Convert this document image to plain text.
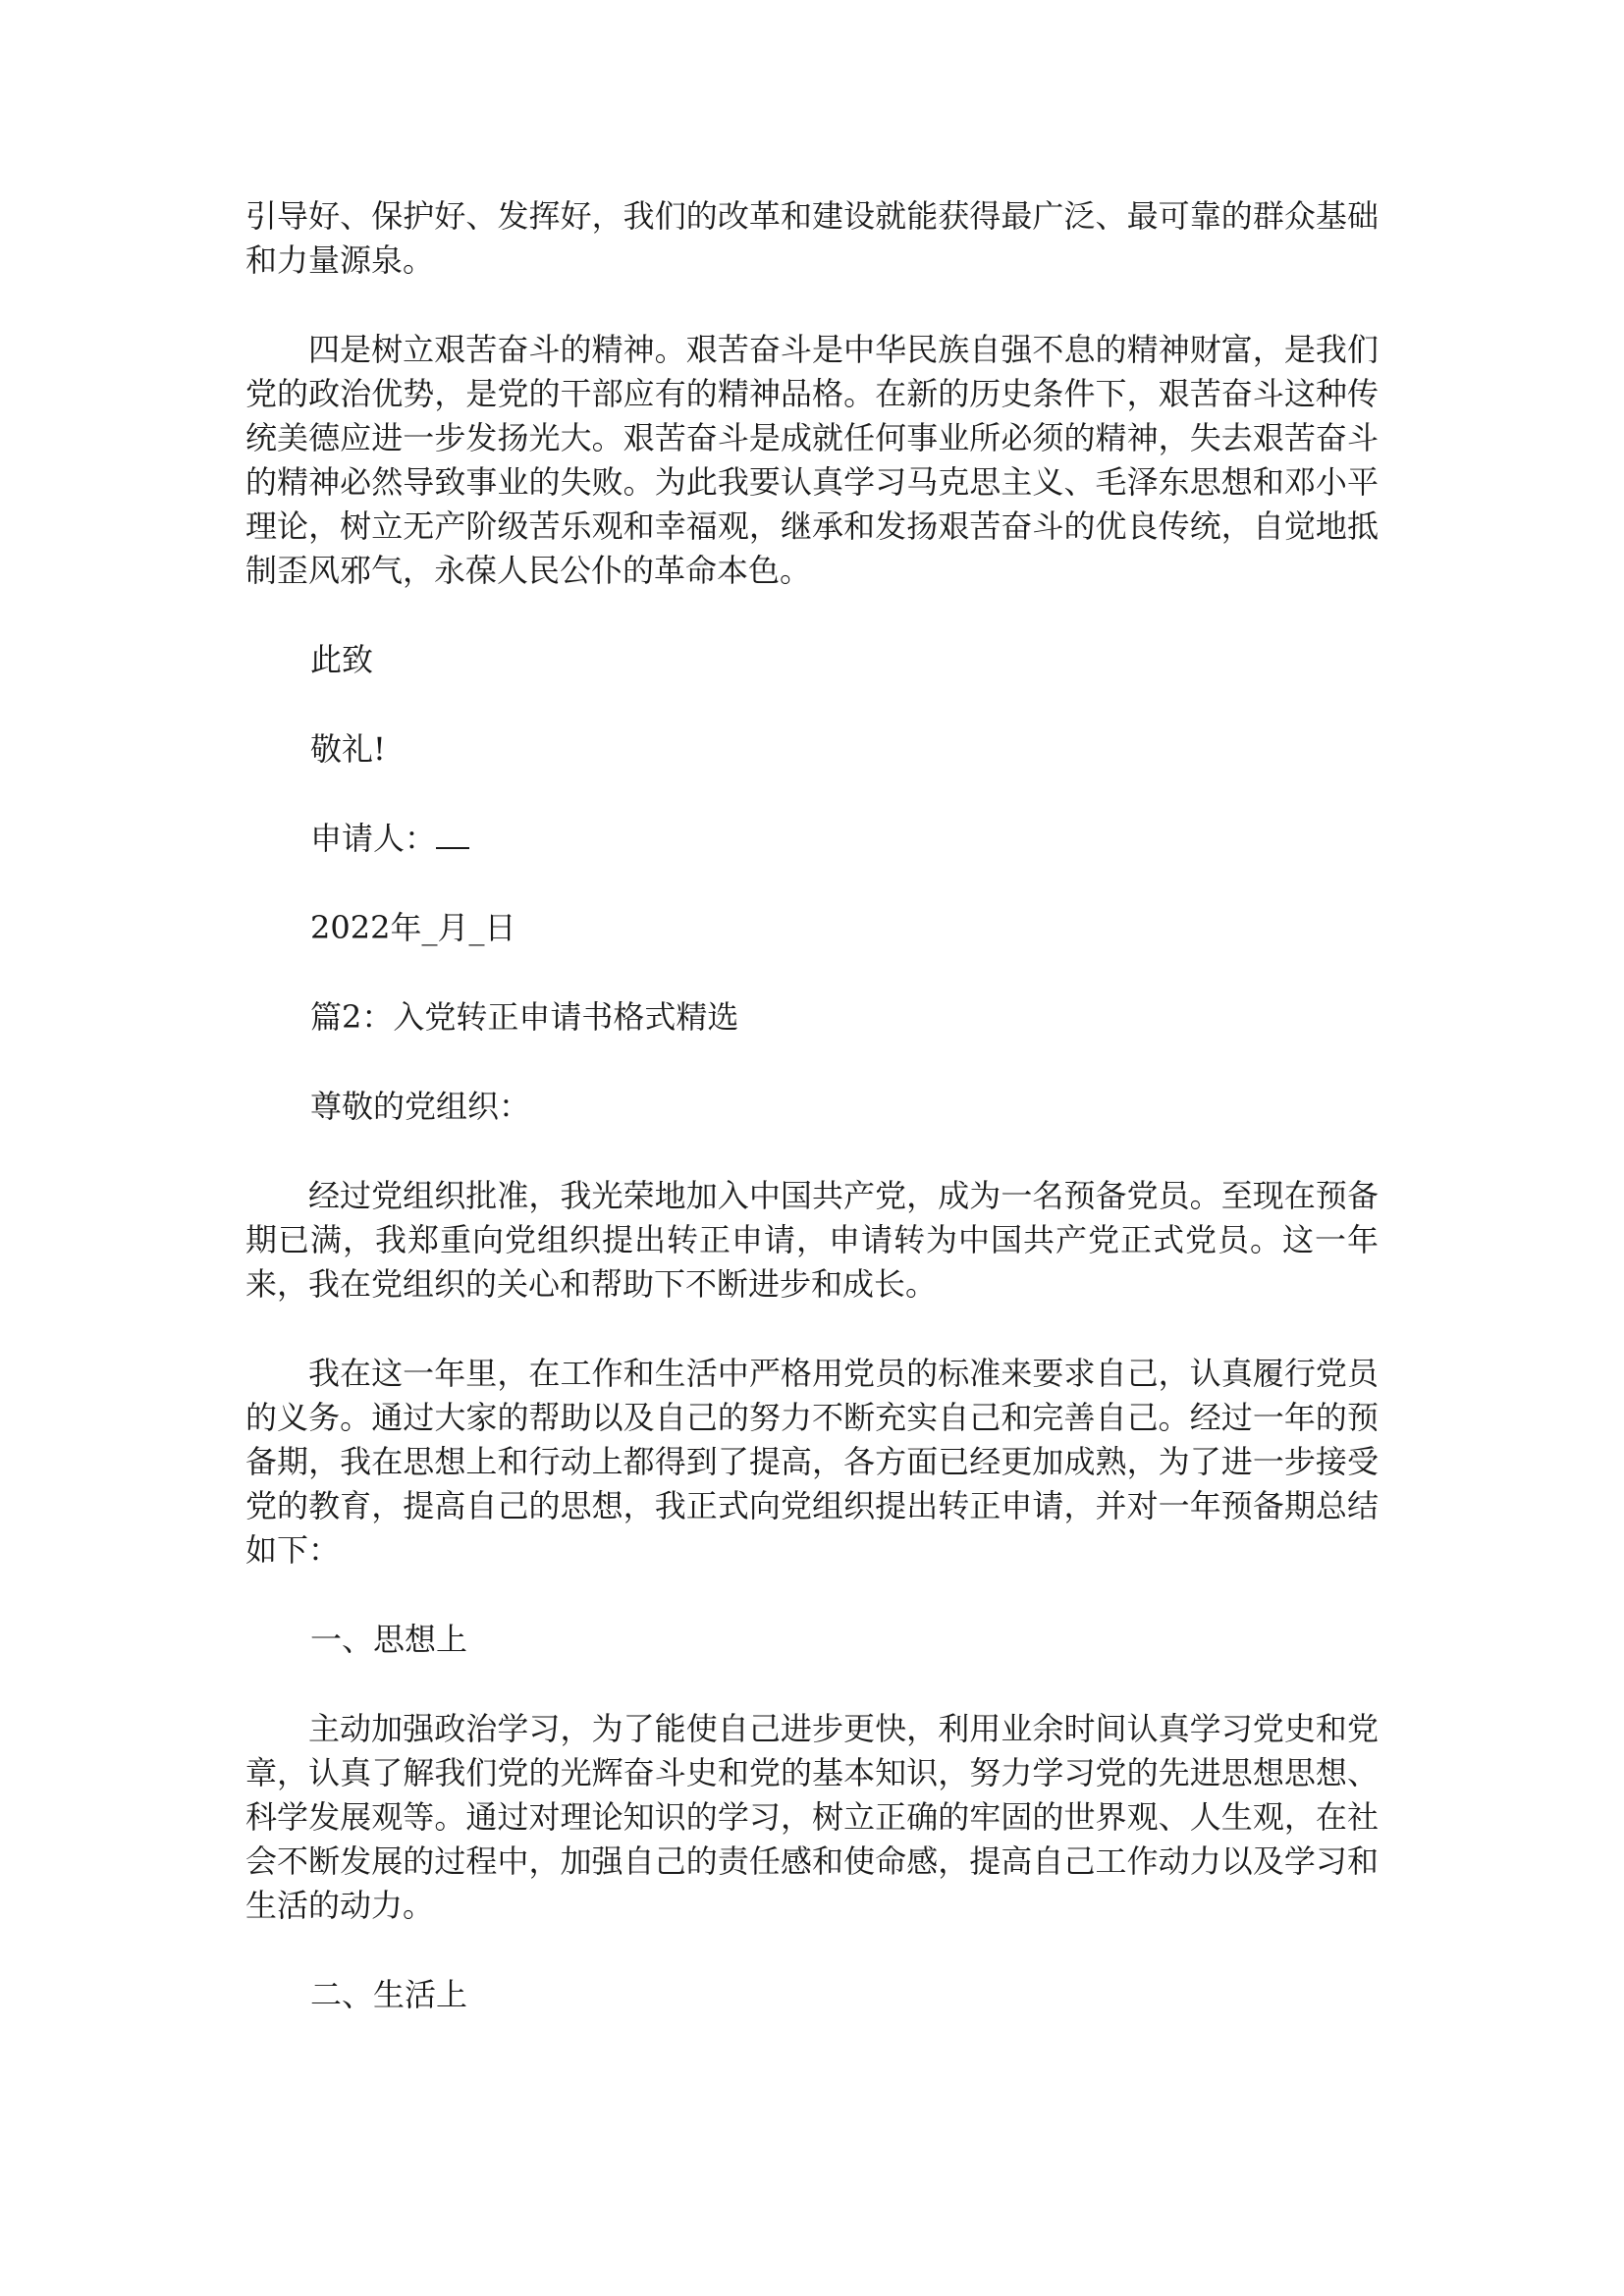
引导好、保护好、发挥好，我们的改革和建设就能获得最广泛、最可靠的群众基础和力量源泉。

四是树立艰苦奋斗的精神。艰苦奋斗是中华民族自强不息的精神财富，是我们党的政治优势，是党的干部应有的精神品格。在新的历史条件下，艰苦奋斗这种传统美德应进一步发扬光大。艰苦奋斗是成就任何事业所必须的精神，失去艰苦奋斗的精神必然导致事业的失败。为此我要认真学习马克思主义、毛泽东思想和邓小平理论，树立无产阶级苦乐观和幸福观，继承和发扬艰苦奋斗的优良传统，自觉地抵制歪风邪气，永葆人民公仆的革命本色。

此致
敬礼!
申请人：
2022年_月_日
篇2：入党转正申请书格式精选
尊敬的党组织：

经过党组织批准，我光荣地加入中国共产党，成为一名预备党员。至现在预备期已满，我郑重向党组织提出转正申请，申请转为中国共产党正式党员。这一年来，我在党组织的关心和帮助下不断进步和成长。

我在这一年里，在工作和生活中严格用党员的标准来要求自己，认真履行党员的义务。通过大家的帮助以及自己的努力不断充实自己和完善自己。经过一年的预备期，我在思想上和行动上都得到了提高，各方面已经更加成熟，为了进一步接受党的教育，提高自己的思想，我正式向党组织提出转正申请，并对一年预备期总结如下：

一、思想上

主动加强政治学习，为了能使自己进步更快，利用业余时间认真学习党史和党章，认真了解我们党的光辉奋斗史和党的基本知识，努力学习党的先进思想思想、科学发展观等。通过对理论知识的学习，树立正确的牢固的世界观、人生观，在社会不断发展的过程中，加强自己的责任感和使命感，提高自己工作动力以及学习和生活的动力。

二、生活上
